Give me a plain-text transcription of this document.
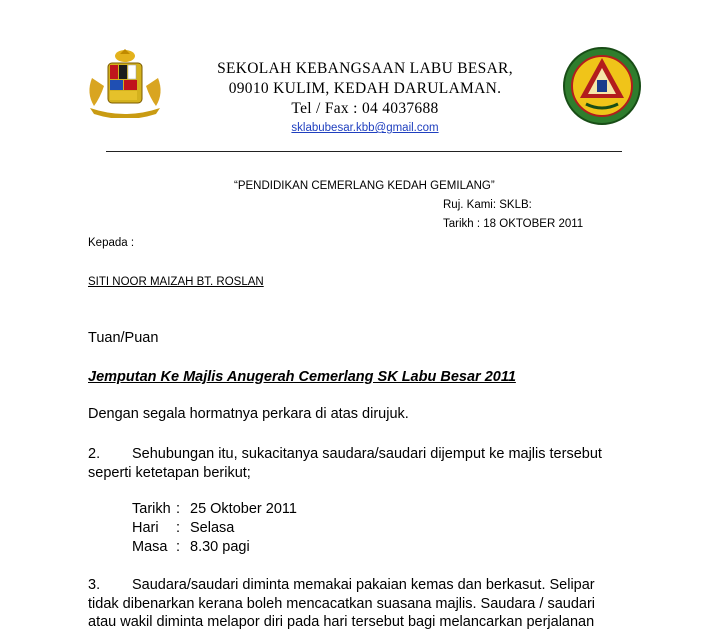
SEKOLAH KEBANGSAAN LABU BESAR,
09010 KULIM, KEDAH DARULAMAN.
Tel / Fax : 04 4037688
sklabubesar.kbb@gmail.com
“PENDIDIKAN CEMERLANG KEDAH GEMILANG”
Ruj. Kami: SKLB:
Tarikh : 18 OKTOBER 2011
Kepada :
SITI NOOR MAIZAH BT. ROSLAN
Tuan/Puan
Jemputan Ke Majlis Anugerah Cemerlang SK Labu Besar 2011
Dengan segala hormatnya perkara di atas dirujuk.
2. Sehubungan itu, sukacitanya saudara/saudari dijemput ke majlis tersebut
seperti ketetapan berikut;
Tarikh : 25 Oktober 2011
Hari : Selasa
Masa : 8.30 pagi
3. Saudara/saudari diminta memakai pakaian kemas dan berkasut. Selipar
tidak dibenarkan kerana boleh mencacatkan suasana majlis. Saudara / saudari
atau wakil diminta melapor diri pada hari tersebut bagi melancarkan perjalanan
